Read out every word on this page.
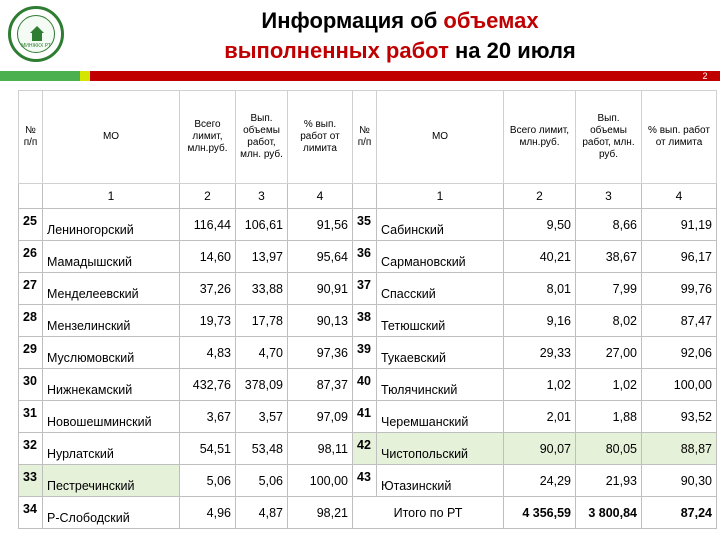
МИНЖКХ РТ
Информация об объемах
выполненных работ на 20 июля
2
№ п/п	МО	Всего лимит, млн.руб.	Вып. объемы работ, млн. руб.	% вып. работ от лимита	№ п/п	МО	Всего лимит, млн.руб.	Вып. объемы работ, млн. руб.	% вып. работ от лимита
	1	2	3	4		1	2	3	4
25	Лениногорский	116,44	106,61	91,56	35	Сабинский	9,50	8,66	91,19
26	Мамадышский	14,60	13,97	95,64	36	Сармановский	40,21	38,67	96,17
27	Менделеевский	37,26	33,88	90,91	37	Спасский	8,01	7,99	99,76
28	Мензелинский	19,73	17,78	90,13	38	Тетюшский	9,16	8,02	87,47
29	Муслюмовский	4,83	4,70	97,36	39	Тукаевский	29,33	27,00	92,06
30	Нижнекамский	432,76	378,09	87,37	40	Тюлячинский	1,02	1,02	100,00
31	Новошешминский	3,67	3,57	97,09	41	Черемшанский	2,01	1,88	93,52
32	Нурлатский	54,51	53,48	98,11	42	Чистопольский	90,07	80,05	88,87
33	Пестречинский	5,06	5,06	100,00	43	Ютазинский	24,29	21,93	90,30
34	Р-Слободский	4,96	4,87	98,21	Итого по РТ		4 356,59	3 800,84	87,24
